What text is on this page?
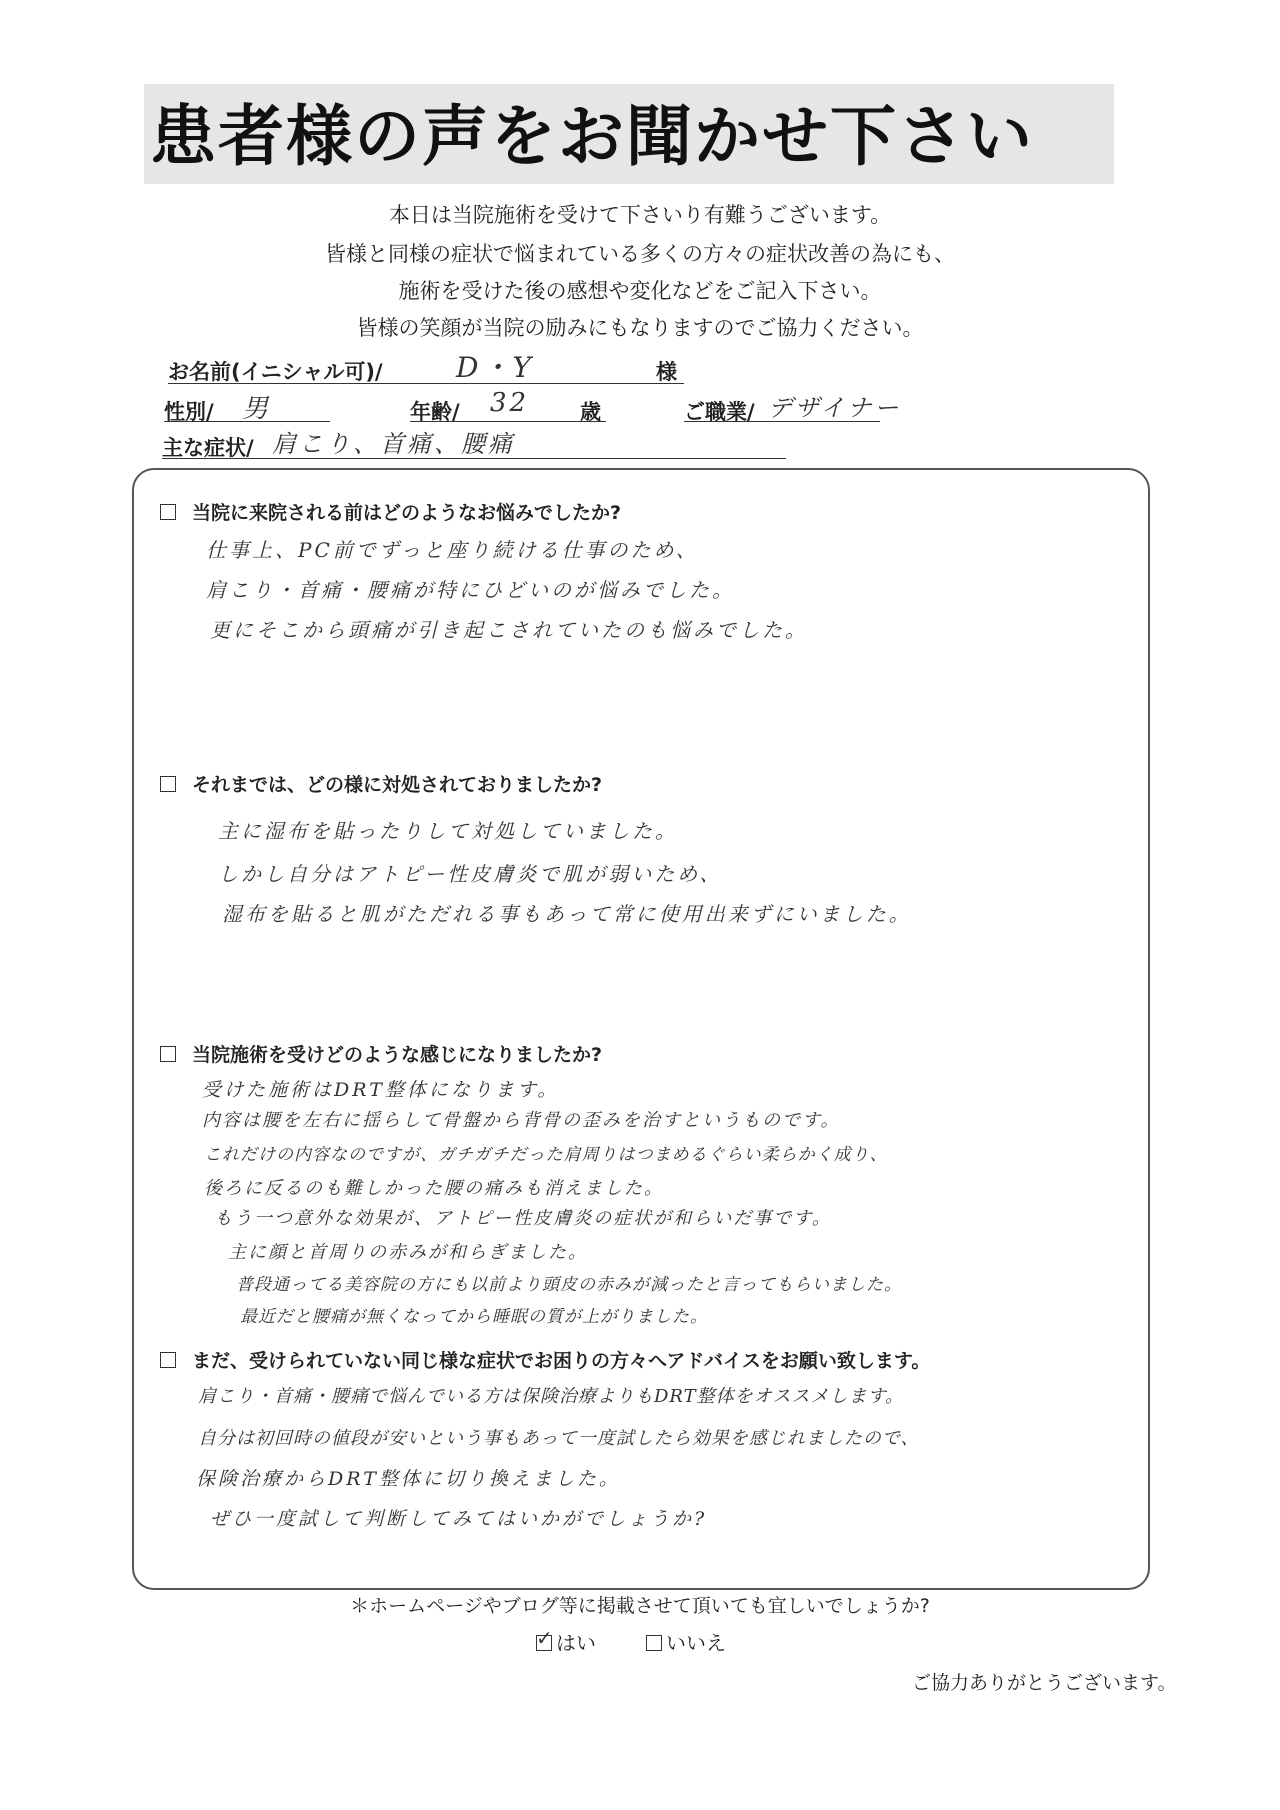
患者様の声をお聞かせ下さい
本日は当院施術を受けて下さいり有難うございます。
皆様と同様の症状で悩まれている多くの方々の症状改善の為にも、
施術を受けた後の感想や変化などをご記入下さい。
皆様の笑顔が当院の励みにもなりますのでご協力ください。
お名前(イニシャル可)/	D・Y	様
性別/ 男	年齢/ 32 歳	ご職業/ デザイナー
主な症状/ 肩こり、首痛、腰痛
当院に来院される前はどのようなお悩みでしたか?
仕事上、PC前でずっと座り続ける仕事のため、
肩こり・首痛・腰痛が特にひどいのが悩みでした。
更にそこから頭痛が引き起こされていたのも悩みでした。
それまでは、どの様に対処されておりましたか?
主に湿布を貼ったりして対処していました。
しかし自分はアトピー性皮膚炎で肌が弱いため、
湿布を貼ると肌がただれる事もあって常に使用出来ずにいました。
当院施術を受けどのような感じになりましたか?
受けた施術はDRT整体になります。
内容は腰を左右に揺らして骨盤から背骨の歪みを治すというものです。
これだけの内容なのですが、ガチガチだった肩周りはつまめるぐらい柔らかく成り、
後ろに反るのも難しかった腰の痛みも消えました。
もう一つ意外な効果が、アトピー性皮膚炎の症状が和らいだ事です。
主に顔と首周りの赤みが和らぎました。
普段通ってる美容院の方にも以前より頭皮の赤みが減ったと言ってもらいました。
最近だと腰痛が無くなってから睡眠の質が上がりました。
まだ、受けられていない同じ様な症状でお困りの方々へアドバイスをお願い致します。
肩こり・首痛・腰痛で悩んでいる方は保険治療よりもDRT整体をオススメします。
自分は初回時の値段が安いという事もあって一度試したら効果を感じれましたので、
保険治療からDRT整体に切り換えました。
ぜひ一度試して判断してみてはいかがでしょうか?
＊ホームページやブログ等に掲載させて頂いても宜しいでしょうか?
✓ はい	いいえ
ご協力ありがとうございます。
